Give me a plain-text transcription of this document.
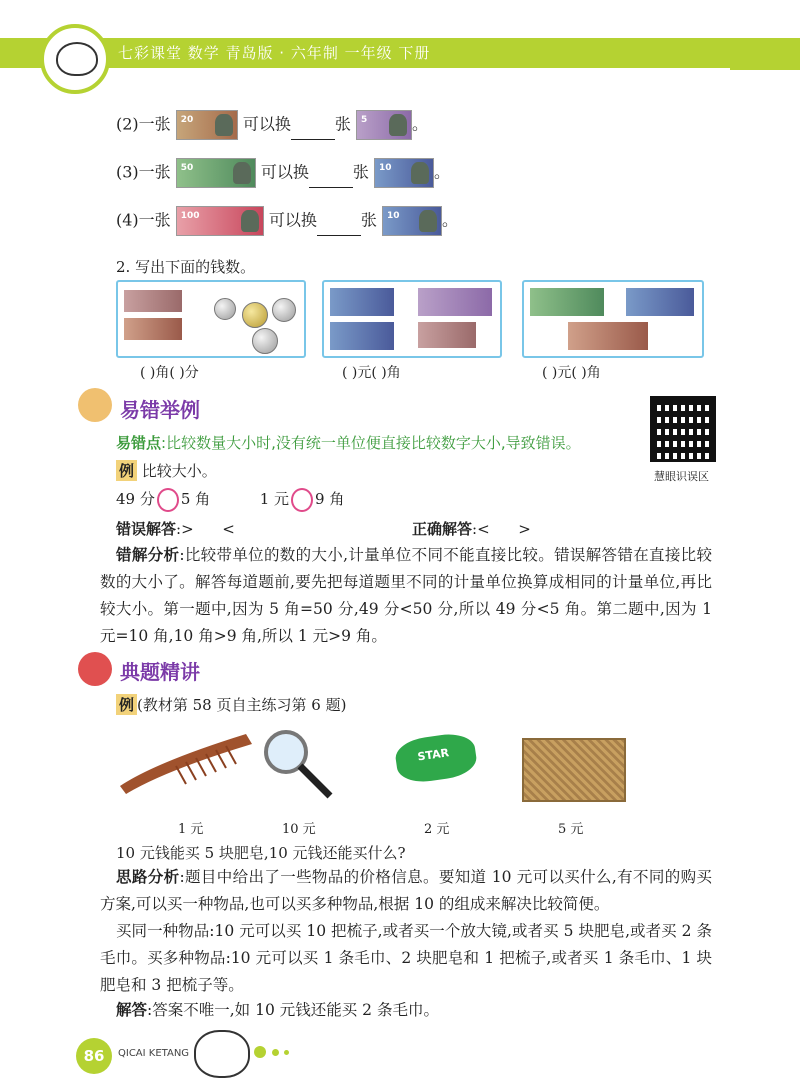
七彩课堂 数学 青岛版 · 六年制 一年级 下册
(2)一张 20	可以换	张 5	。
(3)一张 50	可以换	张 10	。
(4)一张 100	可以换	张 10	。
2. 写出下面的钱数。
( )角( )分	( )元( )角	( )元( )角
易错举例
慧眼识误区
易错点:比较数量大小时,没有统一单位便直接比较数字大小,导致错误。
例 比较大小。
49 分 5 角	1 元 9 角
错误解答:>      <	正确解答:<      >
错解分析:比较带单位的数的大小,计量单位不同不能直接比较。错误解答错在直接比较数的大小了。解答每道题前,要先把每道题里不同的计量单位换算成相同的计量单位,再比较大小。第一题中,因为 5 角=50 分,49 分<50 分,所以 49 分<5 角。第二题中,因为 1 元=10 角,10 角>9 角,所以 1 元>9 角。
典题精讲
例 (教材第 58 页自主练习第 6 题)
STAR
1 元	10 元	2 元	5 元
10 元钱能买 5 块肥皂,10 元钱还能买什么?
思路分析:题目中给出了一些物品的价格信息。要知道 10 元可以买什么,有不同的购买方案,可以买一种物品,也可以买多种物品,根据 10 的组成来解决比较简便。
买同一种物品:10 元可以买 10 把梳子,或者买一个放大镜,或者买 5 块肥皂,或者买 2 条毛巾。买多种物品:10 元可以买 1 条毛巾、2 块肥皂和 1 把梳子,或者买 1 条毛巾、1 块肥皂和 3 把梳子等。
解答:答案不唯一,如 10 元钱还能买 2 条毛巾。
86	QICAI KETANG
